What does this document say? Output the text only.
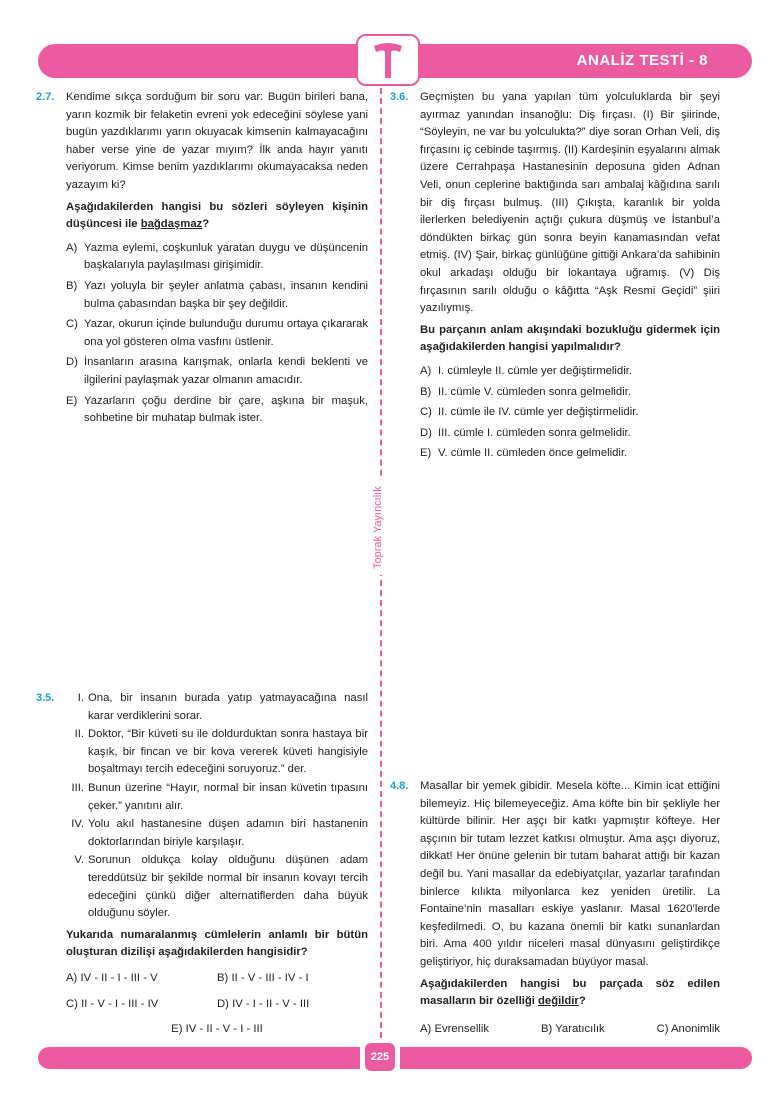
ANALİZ TESTİ - 8
Toprak Yayıncılık
2.7. Kendime sıkça sorduğum bir soru var: Bugün birileri bana, yarın kozmik bir felaketin evreni yok edeceğini söylese yani bugün yazdıklarımı yarın okuyacak kimsenin kalmayacağını haber verse yine de yazar mıyım? İlk anda hayır yanıtı veriyorum. Kimse benim yazdıklarımı okumayacaksa neden yazayım ki?

Aşağıdakilerden hangisi bu sözleri söyleyen kişinin düşüncesi ile bağdaşmaz?

A) Yazma eylemi, coşkunluk yaratan duygu ve düşüncenin başkalarıyla paylaşılması girişimidir.
B) Yazı yoluyla bir şeyler anlatma çabası, insanın kendini bulma çabasından başka bir şey değildir.
C) Yazar, okurun içinde bulunduğu durumu ortaya çıkararak ona yol gösteren olma vasfını üstlenir.
D) İnsanların arasına karışmak, onlarla kendi beklenti ve ilgilerini paylaşmak yazar olmanın amacıdır.
E) Yazarların çoğu derdine bir çare, aşkına bir maşuk, sohbetine bir muhatap bulmak ister.
3.6. Geçmişten bu yana yapılan tüm yolculuklarda bir şeyi ayırmaz yanından insanoğlu: Diş fırçası. (I) Bir şiirinde, “Söyleyin, ne var bu yolculukta?” diye soran Orhan Veli, diş fırçasını iç cebinde taşırmış. (II) Kardeşinin eşyalarını almak üzere Cerrahpaşa Hastanesinin deposuna giden Adnan Veli, onun ceplerine baktığında sarı ambalaj kâğıdına sarılı bir diş fırçası bulmuş. (III) Çıkışta, karanlık bir yolda ilerlerken belediyenin açtığı çukura düşmüş ve İstanbul’a döndükten birkaç gün sonra beyin kanamasından vefat etmiş. (IV) Şair, birkaç günlüğüne gittiği Ankara’da sahibinin okul arkadaşı olduğu bir lokantaya uğramış. (V) Diş fırçasının sarılı olduğu o kâğıtta “Aşk Resmi Geçidi” şiiri yazılıymış.

Bu parçanın anlam akışındaki bozukluğu gidermek için aşağıdakilerden hangisi yapılmalıdır?

A) I. cümleyle II. cümle yer değiştirmelidir.
B) II. cümle V. cümleden sonra gelmelidir.
C) II. cümle ile IV. cümle yer değiştirmelidir.
D) III. cümle I. cümleden sonra gelmelidir.
E) V. cümle II. cümleden önce gelmelidir.
3.5. I. Ona, bir insanın burada yatıp yatmayacağına nasıl karar verdiklerini sorar.
II. Doktor, “Bir küveti su ile doldurduktan sonra hastaya bir kaşık, bir fincan ve bir kova vererek küveti hangisiyle boşaltmayı tercih edeceğini soruyoruz.” der.
III. Bunun üzerine “Hayır, normal bir insan küvetin tıpasını çeker.” yanıtını alır.
IV. Yolu akıl hastanesine düşen adamın biri hastanenin doktorlarından biriyle karşılaşır.
V. Sorunun oldukça kolay olduğunu düşünen adam tereddütsüz bir şekilde normal bir insanın kovayı tercih edeceğini çünkü diğer alternatiflerden daha büyük olduğunu söyler.

Yukarıda numaralanmış cümlelerin anlamlı bir bütün oluşturan dizilişi aşağıdakilerden hangisidir?

A) IV - II - I - III - V	B) II - V - III - IV - I
C) II - V - I - III - IV	D) IV - I - II - V - III
E) IV - II - V - I - III
4.8. Masallar bir yemek gibidir. Mesela köfte... Kimin icat ettiğini bilemeyiz. Hiç bilemeyeceğiz. Ama köfte bin bir şekliyle her kültürde bilinir. Her aşçı bir katkı yapmıştır köfteye. Her aşçının bir tutam lezzet katkısı olmuştur. Ama aşçı diyoruz, dikkat! Her önüne gelenin bir tutam baharat attığı bir kazan değil bu. Yani masallar da edebiyatçılar, yazarlar tarafından binlerce kılıkta milyonlarca kez yeniden üretilir. La Fontaine’nin masalları eskiye yaslanır. Masal 1620’lerde keşfedilmedi. O, bu kazana önemli bir katkı sunanlardan biri. Ama 400 yıldır niceleri masal dünyasını geliştirdikçe geliştiriyor, hiç duraksamadan büyüyor masal.

Aşağıdakilerden hangisi bu parçada söz edilen masalların bir özelliği değildir?

A) Evrensellik	B) Yaratıcılık	C) Anonimlik
225
